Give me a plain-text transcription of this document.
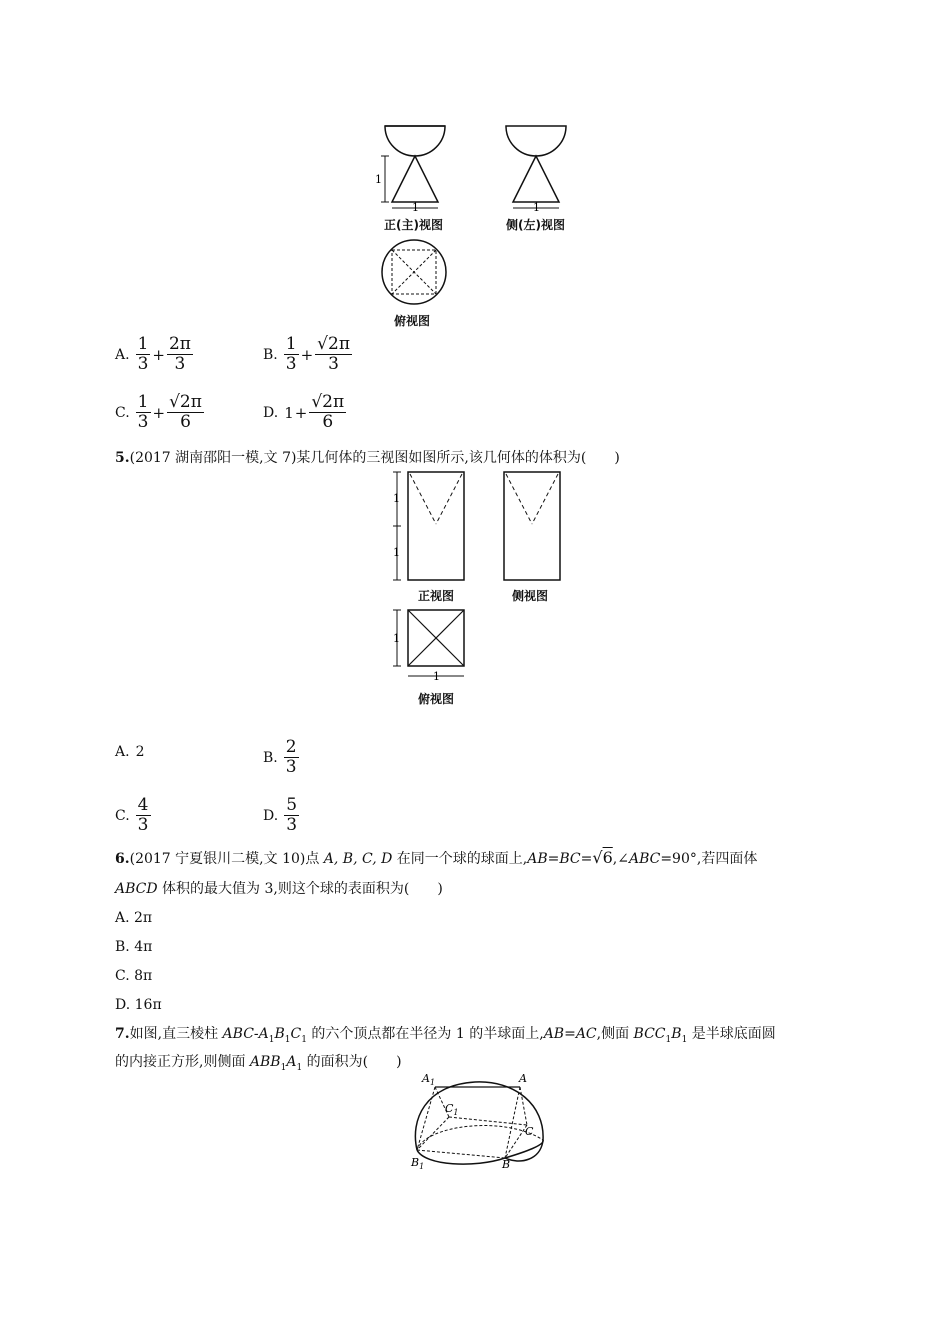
1
1
正(主)视图
1
侧(左)视图
俯视图
A. $\frac{1}{3} + \frac{2\pi}{3}$	B. $\frac{1}{3} + \frac{√2\pi}{3}$
C. $\frac{1}{3} + \frac{√2\pi}{6}$	D. $1 + \frac{√2\pi}{6}$
5.(2017 湖南邵阳一模,文 7)某几何体的三视图如图所示,该几何体的体积为(　　)
1
1
正视图	侧视图
1
1
俯视图
A. 2	B. $\frac{2}{3}$
C. $\frac{4}{3}$	D. $\frac{5}{3}$
6.(2017 宁夏银川二模,文 10)点 A, B, C, D 在同一个球的球面上,AB=BC=√6,∠ABC=90°,若四面体
ABCD 体积的最大值为 3,则这个球的表面积为(　　)
A. 2π
B. 4π
C. 8π
D. 16π
7.如图,直三棱柱 ABC-$A_1B_1C_1$ 的六个顶点都在半径为 1 的半球面上,AB=AC,侧面 $BCC_1B_1$ 是半球底面圆
的内接正方形,则侧面 $ABB_1A_1$ 的面积为(　　)
$A_1$	A
$C_1$
C
$B_1$	B
